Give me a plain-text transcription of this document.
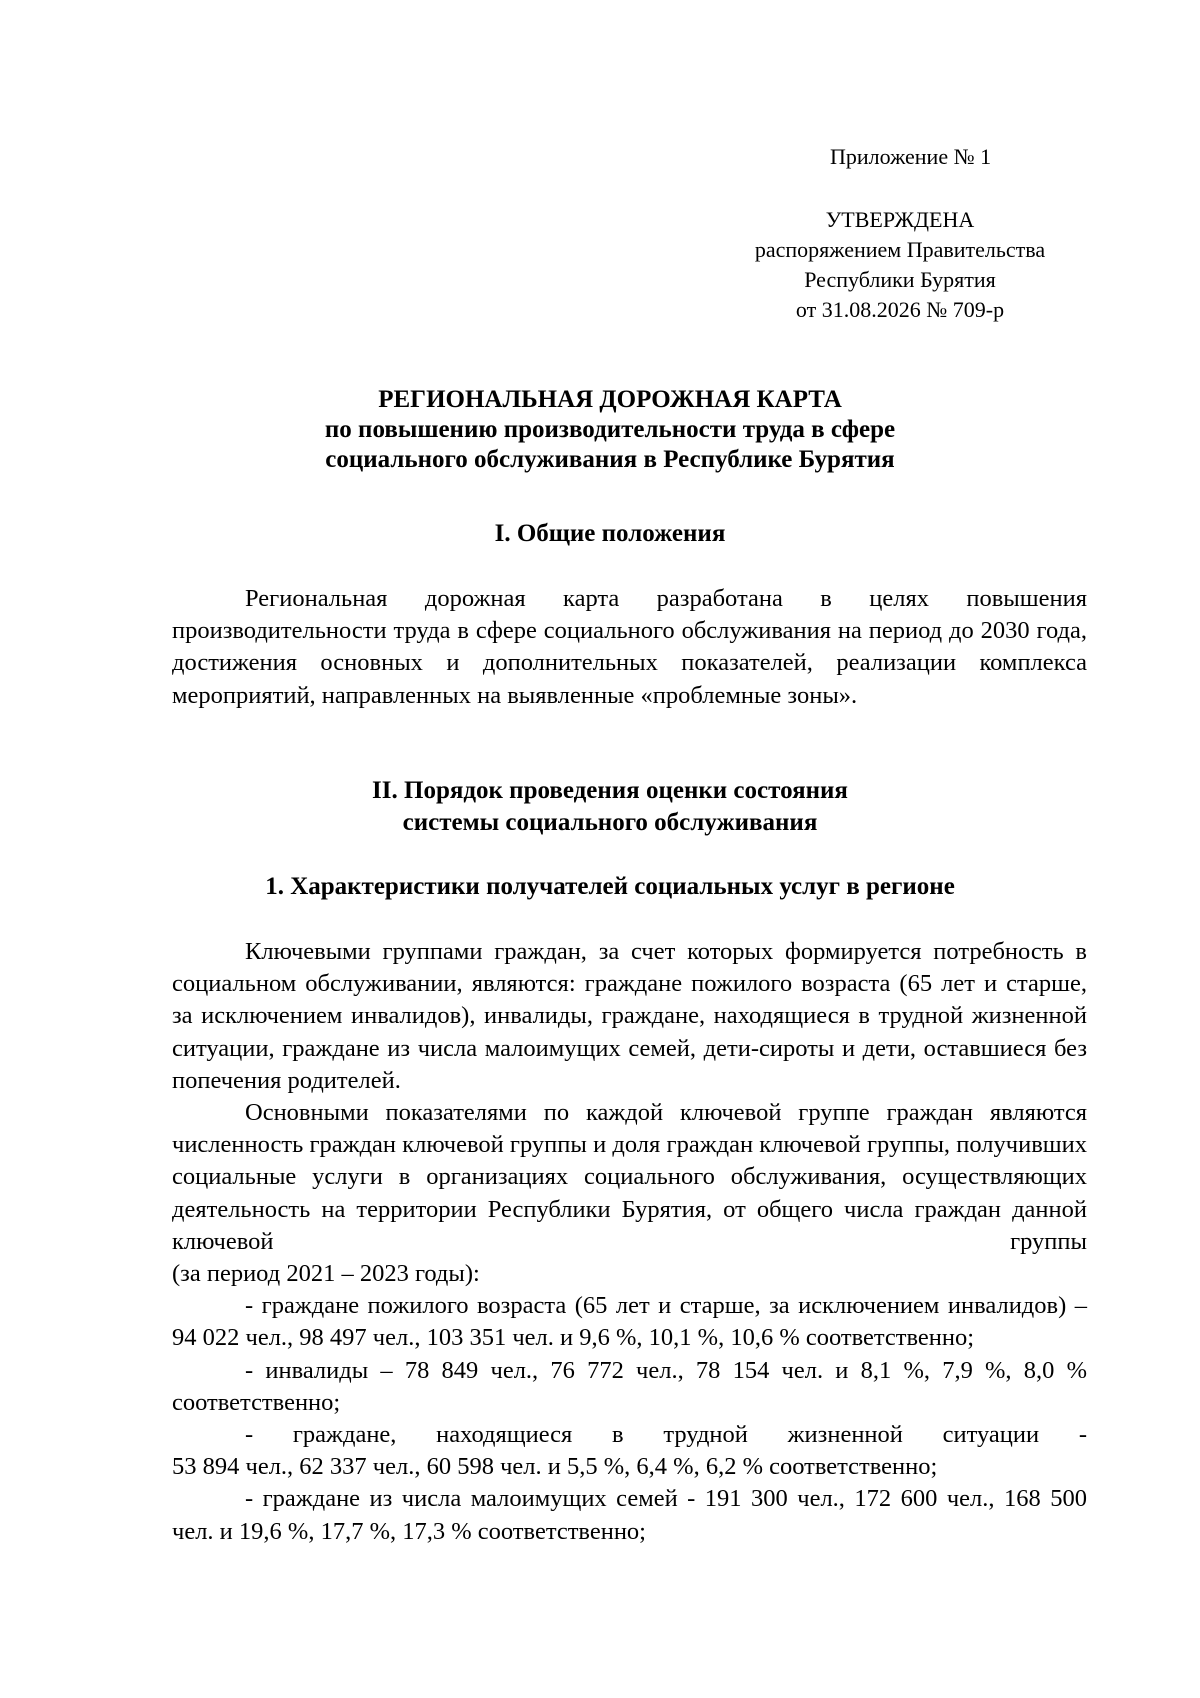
Приложение № 1
УТВЕРЖДЕНА
распоряжением Правительства
Республики Бурятия
от 31.08.2026 № 709-р
РЕГИОНАЛЬНАЯ ДОРОЖНАЯ КАРТА
по повышению производительности труда в сфере
социального обслуживания в Республике Бурятия
I. Общие положения

Региональная дорожная карта разработана в целях повышения производительности труда в сфере социального обслуживания на период до 2030 года, достижения основных и дополнительных показателей, реализации комплекса мероприятий, направленных на выявленные «проблемные зоны».

II. Порядок проведения оценки состояния
системы социального обслуживания
1. Характеристики получателей социальных услуг в регионе

Ключевыми группами граждан, за счет которых формируется потребность в социальном обслуживании, являются: граждане пожилого возраста (65 лет и старше, за исключением инвалидов), инвалиды, граждане, находящиеся в трудной жизненной ситуации, граждане из числа малоимущих семей, дети-сироты и дети, оставшиеся без попечения родителей.

Основными показателями по каждой ключевой группе граждан являются численность граждан ключевой группы и доля граждан ключевой группы, получивших социальные услуги в организациях социального обслуживания, осуществляющих деятельность на территории Республики Бурятия, от общего числа граждан данной ключевой группы

(за период 2021 – 2023 годы):

- граждане пожилого возраста (65 лет и старше, за исключением инвалидов) – 94 022 чел., 98 497 чел., 103 351 чел. и 9,6 %, 10,1 %, 10,6 % соответственно;

- инвалиды – 78 849 чел., 76 772 чел., 78 154 чел. и 8,1 %, 7,9 %, 8,0 % соответственно;

- граждане, находящиеся в трудной жизненной ситуации -

53 894 чел., 62 337 чел., 60 598 чел. и 5,5 %, 6,4 %, 6,2 % соответственно;

- граждане из числа малоимущих семей - 191 300 чел., 172 600 чел., 168 500 чел. и 19,6 %, 17,7 %, 17,3 % соответственно;
